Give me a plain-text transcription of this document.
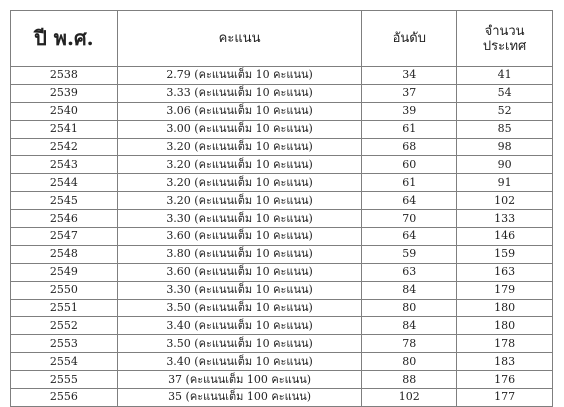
ปี พ.ศ.	คะแนน	อันดับ	จำนวน
ประเทศ

2538	2.79 (คะแนนเต็ม 10 คะแนน)	34	41
2539	3.33 (คะแนนเต็ม 10 คะแนน)	37	54
2540	3.06 (คะแนนเต็ม 10 คะแนน)	39	52
2541	3.00 (คะแนนเต็ม 10 คะแนน)	61	85
2542	3.20 (คะแนนเต็ม 10 คะแนน)	68	98
2543	3.20 (คะแนนเต็ม 10 คะแนน)	60	90
2544	3.20 (คะแนนเต็ม 10 คะแนน)	61	91
2545	3.20 (คะแนนเต็ม 10 คะแนน)	64	102
2546	3.30 (คะแนนเต็ม 10 คะแนน)	70	133
2547	3.60 (คะแนนเต็ม 10 คะแนน)	64	146
2548	3.80 (คะแนนเต็ม 10 คะแนน)	59	159
2549	3.60 (คะแนนเต็ม 10 คะแนน)	63	163
2550	3.30 (คะแนนเต็ม 10 คะแนน)	84	179
2551	3.50 (คะแนนเต็ม 10 คะแนน)	80	180
2552	3.40 (คะแนนเต็ม 10 คะแนน)	84	180
2553	3.50 (คะแนนเต็ม 10 คะแนน)	78	178
2554	3.40 (คะแนนเต็ม 10 คะแนน)	80	183
2555	37 (คะแนนเต็ม 100 คะแนน)	88	176
2556	35 (คะแนนเต็ม 100 คะแนน)	102	177
